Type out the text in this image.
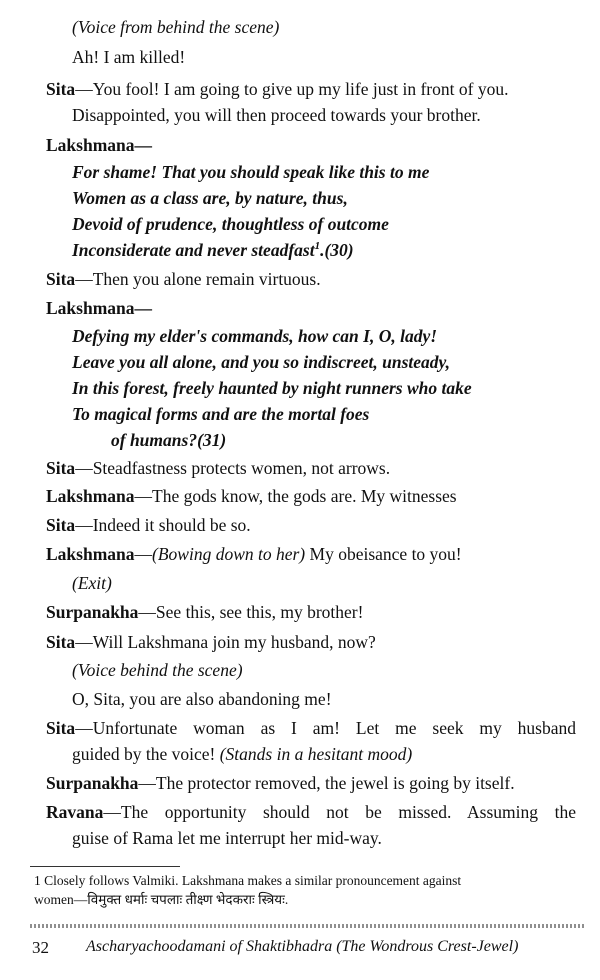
(Voice from behind the scene)
Ah! I am killed!
Sita—You fool! I am going to give up my life just in front of you.
Disappointed, you will then proceed towards your brother.
Lakshmana—
For shame! That you should speak like this to me
Women as a class are, by nature, thus,
Devoid of prudence, thoughtless of outcome
Inconsiderate and never steadfast$^1$.(30)
Sita—Then you alone remain virtuous.
Lakshmana—
Defying my elder's commands, how can I, O, lady!
Leave you all alone, and you so indiscreet, unsteady,
In this forest, freely haunted by night runners who take
To magical forms and are the mortal foes
of humans?(31)
Sita—Steadfastness protects women, not arrows.
Lakshmana—The gods know, the gods are. My witnesses
Sita—Indeed it should be so.
Lakshmana—(Bowing down to her) My obeisance to you!
(Exit)
Surpanakha—See this, see this, my brother!
Sita—Will Lakshmana join my husband, now?
(Voice behind the scene)
O, Sita, you are also abandoning me!
Sita—Unfortunate woman as I am! Let me seek my husband
guided by the voice! (Stands in a hesitant mood)
Surpanakha—The protector removed, the jewel is going by itself.
Ravana—The opportunity should not be missed. Assuming the
guise of Rama let me interrupt her mid-way.
1 Closely follows Valmiki. Lakshmana makes a similar pronouncement against
women—विमुक्त धर्माः चपलाः तीक्ष्ण भेदकराः स्त्रियः.
32 Ascharyachoodamani of Shaktibhadra (The Wondrous Crest-Jewel)
